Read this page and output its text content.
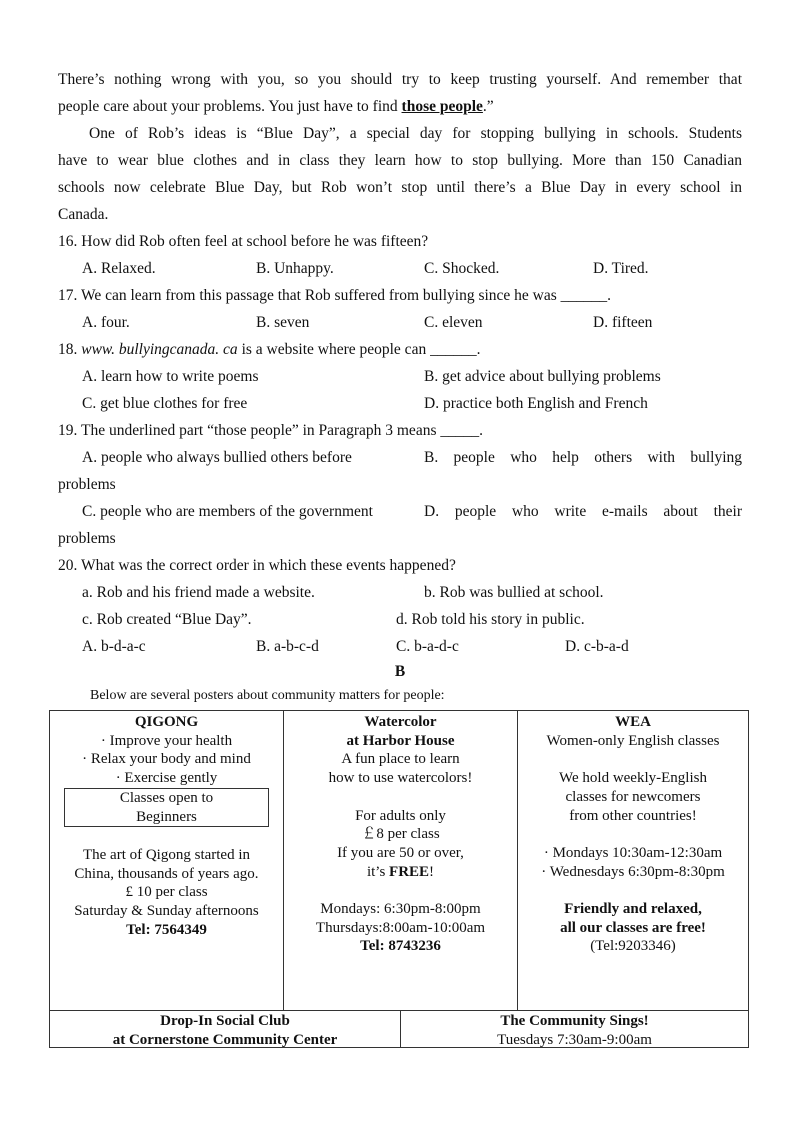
There’s nothing wrong with you, so you should try to keep trusting yourself. And remember that
people care about your problems. You just have to find those people.”
One of Rob’s ideas is “Blue Day”, a special day for stopping bullying in schools. Students
have to wear blue clothes and in class they learn how to stop bullying. More than 150 Canadian
schools now celebrate Blue Day, but Rob won’t stop until there’s a Blue Day in every school in
Canada.
16. How did Rob often feel at school before he was fifteen?
A. Relaxed.	B. Unhappy.	C. Shocked.	D. Tired.
17. We can learn from this passage that Rob suffered from bullying since he was ______.
A. four.	B. seven	C. eleven	D. fifteen
18. www. bullyingcanada. ca is a website where people can ______.
A. learn how to write poems	B. get advice about bullying problems
C. get blue clothes for free	D. practice both English and French
19. The underlined part “those people” in Paragraph 3 means _____.
A. people who always bullied others before	B. people who help others with bullying
problems
C. people who are members of the government	D. people who write e-mails about their
problems
20. What was the correct order in which these events happened?
a. Rob and his friend made a website.	b. Rob was bullied at school.
c. Rob created “Blue Day”.	d. Rob told his story in public.
A. b-d-a-c	B. a-b-c-d	C. b-a-d-c	D. c-b-a-d
B
Below are several posters about community matters for people:
QIGONG
· Improve your health
· Relax your body and mind
· Exercise gently
Classes open to
Beginners

The art of Qigong started in
China, thousands of years ago.
£ 10 per class
Saturday & Sunday afternoons
Tel: 7564349
Watercolor
at Harbor House
A fun place to learn
how to use watercolors!

For adults only
￡8 per class
If you are 50 or over,
it’s FREE!

Mondays: 6:30pm-8:00pm
Thursdays:8:00am-10:00am
Tel: 8743236
WEA
Women-only English classes

We hold weekly-English
classes for newcomers
from other countries!

· Mondays 10:30am-12:30am
· Wednesdays 6:30pm-8:30pm

Friendly and relaxed,
all our classes are free!
(Tel:9203346)
Drop-In Social Club
at Cornerstone Community Center
The Community Sings!
Tuesdays 7:30am-9:00am
